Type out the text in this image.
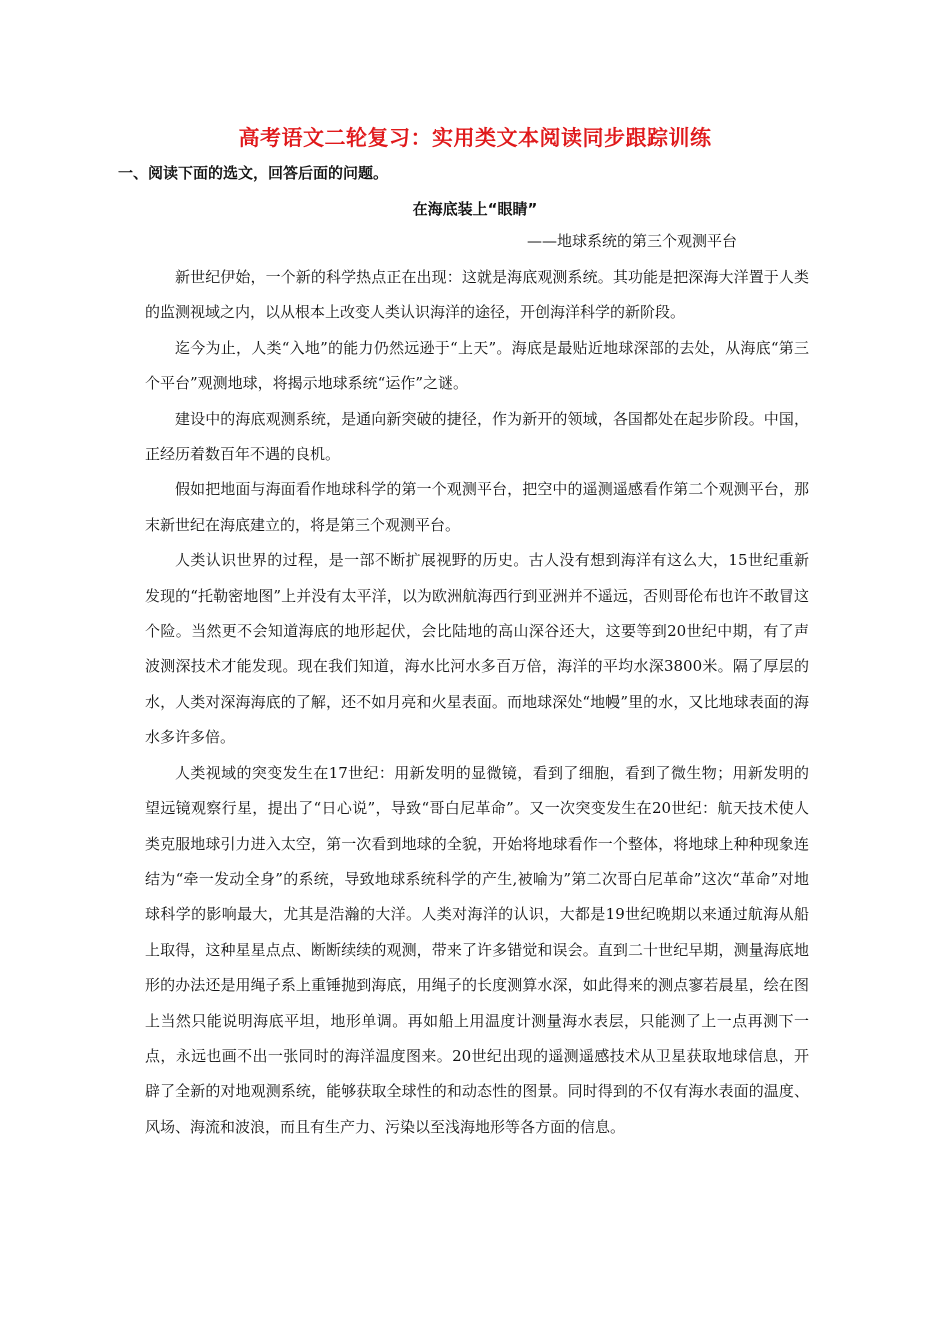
高考语文二轮复习：实用类文本阅读同步跟踪训练
一、阅读下面的选文，回答后面的问题。
在海底装上“眼睛”
——地球系统的第三个观测平台

新世纪伊始，一个新的科学热点正在出现：这就是海底观测系统。其功能是把深海大洋置于人类的监测视域之内，以从根本上改变人类认识海洋的途径，开创海洋科学的新阶段。

迄今为止，人类“入地”的能力仍然远逊于“上天”。海底是最贴近地球深部的去处，从海底“第三个平台”观测地球，将揭示地球系统“运作”之谜。

建设中的海底观测系统，是通向新突破的捷径，作为新开的领域，各国都处在起步阶段。中国，正经历着数百年不遇的良机。

假如把地面与海面看作地球科学的第一个观测平台，把空中的遥测遥感看作第二个观测平台，那末新世纪在海底建立的，将是第三个观测平台。

人类认识世界的过程，是一部不断扩展视野的历史。古人没有想到海洋有这么大，15世纪重新发现的“托勒密地图”上并没有太平洋，以为欧洲航海西行到亚洲并不遥远，否则哥伦布也许不敢冒这个险。当然更不会知道海底的地形起伏，会比陆地的高山深谷还大，这要等到20世纪中期，有了声波测深技术才能发现。现在我们知道，海水比河水多百万倍，海洋的平均水深3800米。隔了厚层的水，人类对深海海底的了解，还不如月亮和火星表面。而地球深处“地幔”里的水，又比地球表面的海水多许多倍。

人类视域的突变发生在17世纪：用新发明的显微镜，看到了细胞，看到了微生物；用新发明的望远镜观察行星，提出了“日心说”，导致“哥白尼革命”。又一次突变发生在20世纪：航天技术使人类克服地球引力进入太空，第一次看到地球的全貌，开始将地球看作一个整体，将地球上种种现象连结为“牵一发动全身”的系统，导致地球系统科学的产生,被喻为”第二次哥白尼革命”这次“革命”对地球科学的影响最大，尤其是浩瀚的大洋。人类对海洋的认识，大都是19世纪晚期以来通过航海从船上取得，这种星星点点、断断续续的观测，带来了许多错觉和误会。直到二十世纪早期，测量海底地形的办法还是用绳子系上重锤抛到海底，用绳子的长度测算水深，如此得来的测点寥若晨星，绘在图上当然只能说明海底平坦，地形单调。再如船上用温度计测量海水表层，只能测了上一点再测下一点，永远也画不出一张同时的海洋温度图来。20世纪出现的遥测遥感技术从卫星获取地球信息，开辟了全新的对地观测系统，能够获取全球性的和动态性的图景。同时得到的不仅有海水表面的温度、风场、海流和波浪，而且有生产力、污染以至浅海地形等各方面的信息。
